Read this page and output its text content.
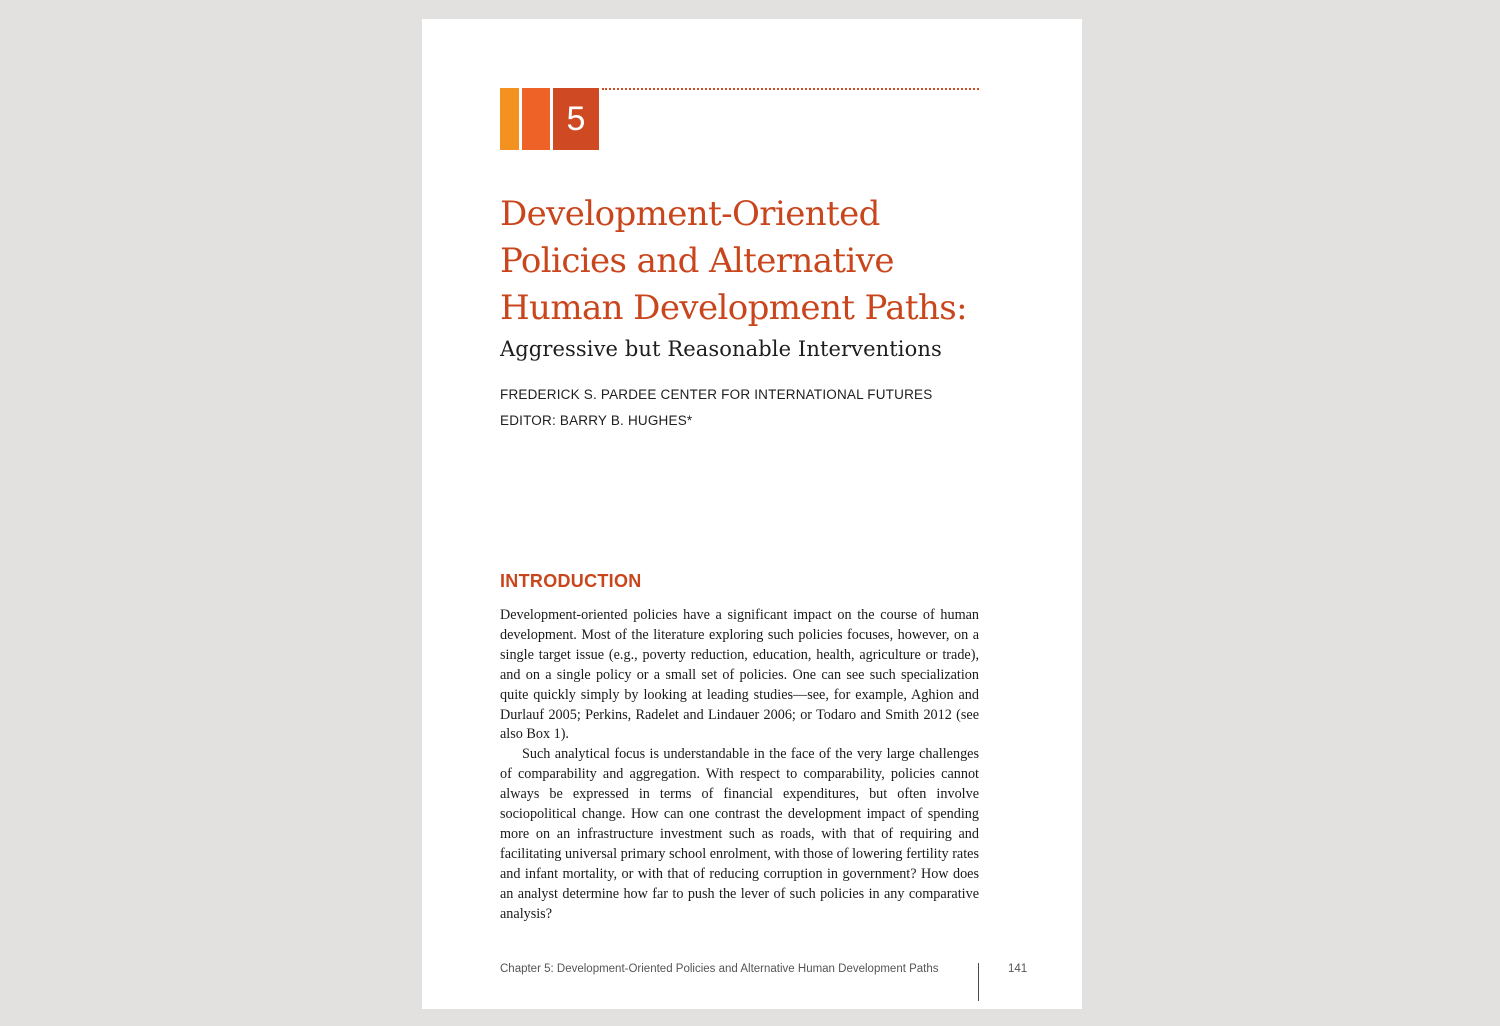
5
Development-Oriented
Policies and Alternative
Human Development Paths:
Aggressive but Reasonable Interventions
FREDERICK S. PARDEE CENTER FOR INTERNATIONAL FUTURES
EDITOR: BARRY B. HUGHES*
INTRODUCTION

Development-oriented policies have a significant impact on the course of human development. Most of the literature exploring such policies focuses, however, on a single target issue (e.g., poverty reduction, education, health, agriculture or trade), and on a single policy or a small set of policies. One can see such specialization quite quickly simply by looking at leading studies—see, for example, Aghion and Durlauf 2005; Perkins, Radelet and Lindauer 2006; or Todaro and Smith 2012 (see also Box 1).

Such analytical focus is understandable in the face of the very large challenges of comparability and aggregation. With respect to comparability, policies cannot always be expressed in terms of financial expenditures, but often involve sociopolitical change. How can one contrast the development impact of spending more on an infrastructure investment such as roads, with that of requiring and facilitating universal primary school enrolment, with those of lowering fertility rates and infant mortality, or with that of reducing corruption in government? How does an analyst determine how far to push the lever of such policies in any comparative analysis?

Chapter 5: Development-Oriented Policies and Alternative Human Development Paths	141
